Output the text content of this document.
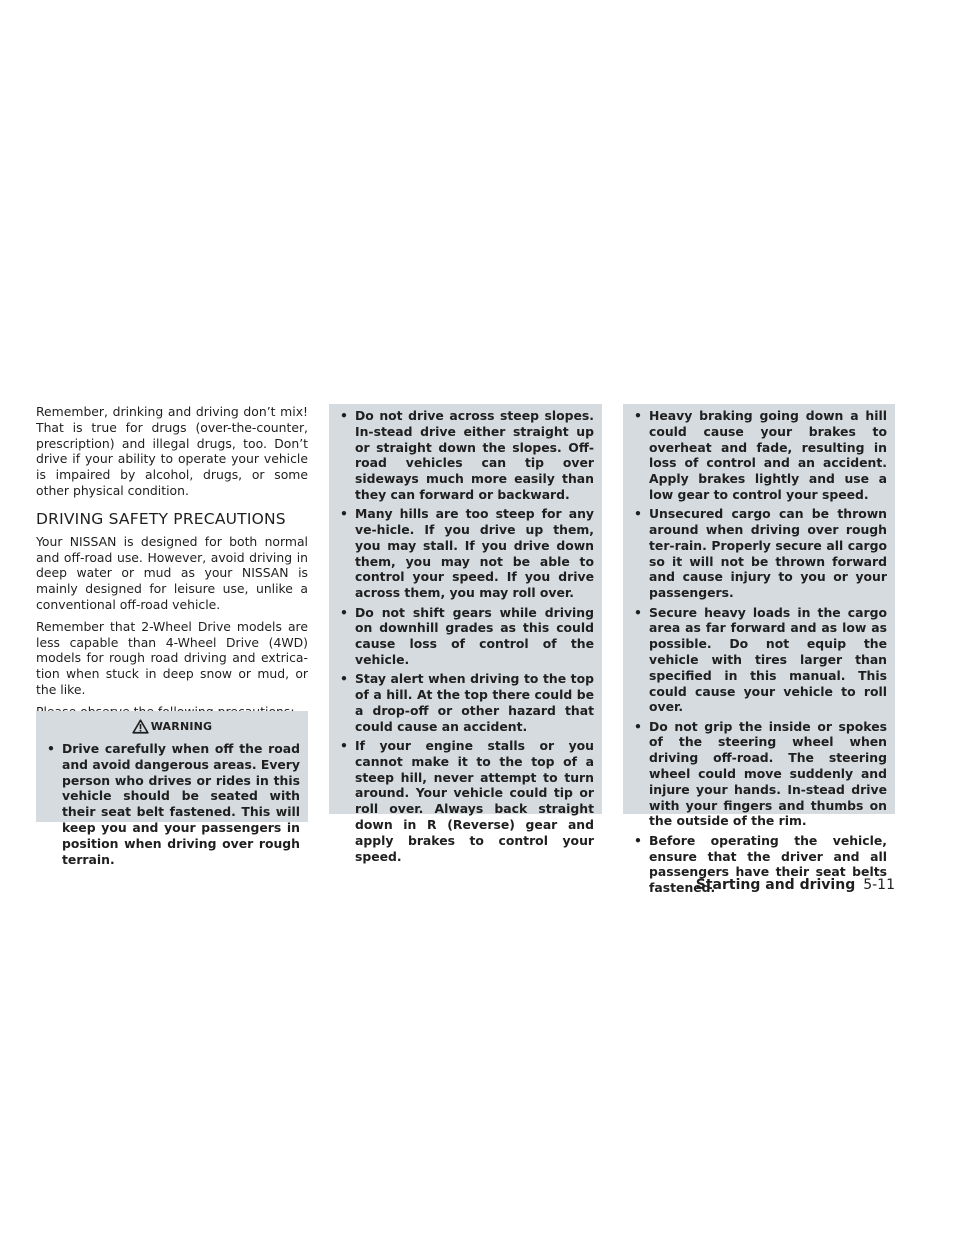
Remember, drinking and driving don’t mix! That is true for drugs (over-the-counter, prescription) and illegal drugs, too. Don’t drive if your ability to operate your vehicle is impaired by alcohol, drugs, or some other physical condition.

DRIVING SAFETY PRECAUTIONS

Your NISSAN is designed for both normal and off-road use. However, avoid driving in deep water or mud as your NISSAN is mainly designed for leisure use, unlike a conventional off-road vehicle.

Remember that 2-Wheel Drive models are less capable than 4-Wheel Drive (4WD) models for rough road driving and extrica-tion when stuck in deep snow or mud, or the like.

• Drive carefully when off the road and avoid dangerous areas. Every person who drives or rides in this vehicle should be seated with their seat belt fastened. This will keep you and your passengers in position when driving over rough terrain.
WARNING
• Do not drive across steep slopes. In-stead drive either straight up or straight down the slopes. Off-road vehicles can tip over sideways much more easily than they can forward or backward.
• Many hills are too steep for any ve-hicle. If you drive up them, you may stall. If you drive down them, you may not be able to control your speed. If you drive across them, you may roll over.
• Do not shift gears while driving on downhill grades as this could cause loss of control of the vehicle.
• Stay alert when driving to the top of a hill. At the top there could be a drop-off or other hazard that could cause an accident.
• If your engine stalls or you cannot make it to the top of a steep hill, never attempt to turn around. Your vehicle could tip or roll over. Always back straight down in R (Reverse) gear and apply brakes to control your speed.
• Heavy braking going down a hill could cause your brakes to overheat and fade, resulting in loss of control and an accident. Apply brakes lightly and use a low gear to control your speed.
• Unsecured cargo can be thrown around when driving over rough ter-rain. Properly secure all cargo so it will not be thrown forward and cause injury to you or your passengers.
• Secure heavy loads in the cargo area as far forward and as low as possible. Do not equip the vehicle with tires larger than specified in this manual. This could cause your vehicle to roll over.
• Do not grip the inside or spokes of the steering wheel when driving off-road. The steering wheel could move suddenly and injure your hands. In-stead drive with your fingers and thumbs on the outside of the rim.
• Before operating the vehicle, ensure that the driver and all passengers have their seat belts fastened.
Starting and driving 5-11
